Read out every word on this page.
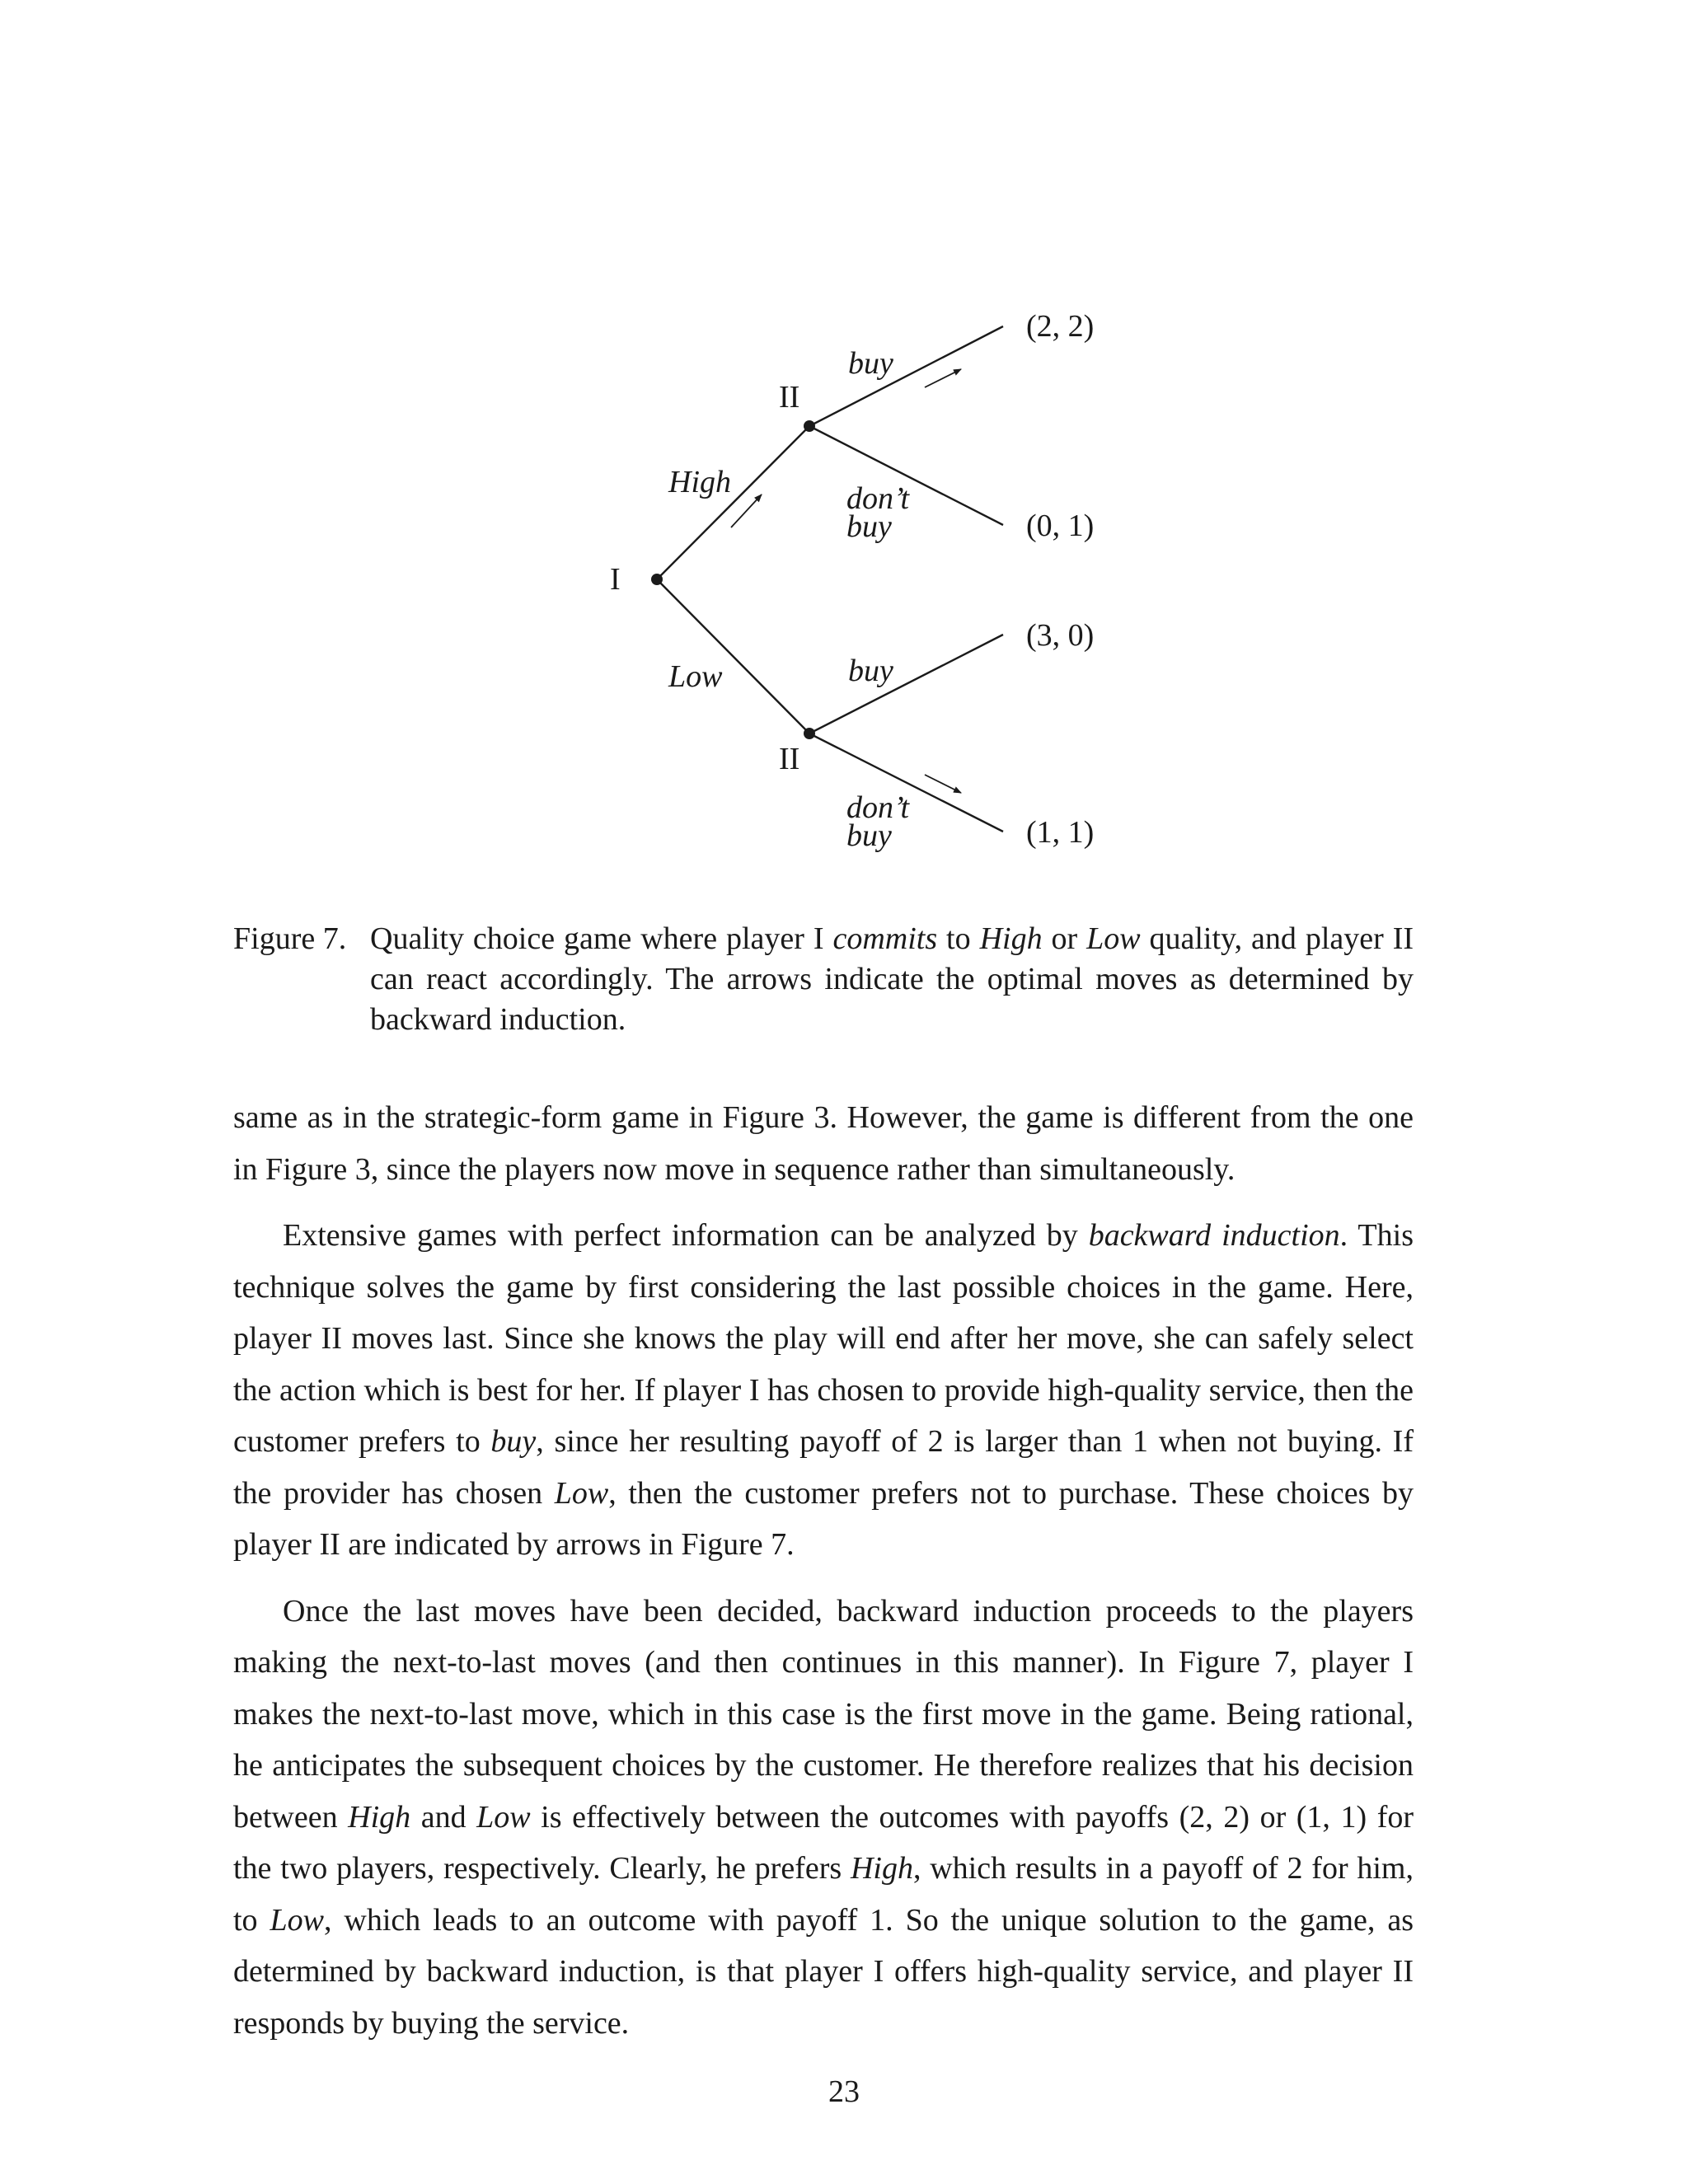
I
II
II
High
Low
buy
don’t
buy
buy
don’t
buy
(2, 2)
(0, 1)
(3, 0)
(1, 1)
Figure 7. Quality choice game where player I commits to High or Low quality, and player II can react accordingly. The arrows indicate the optimal moves as determined by backward induction.

same as in the strategic-form game in Figure 3. However, the game is different from the one in Figure 3, since the players now move in sequence rather than simultaneously.

Extensive games with perfect information can be analyzed by backward induction. This technique solves the game by first considering the last possible choices in the game. Here, player II moves last. Since she knows the play will end after her move, she can safely select the action which is best for her. If player I has chosen to provide high-quality service, then the customer prefers to buy, since her resulting payoff of 2 is larger than 1 when not buying. If the provider has chosen Low, then the customer prefers not to purchase. These choices by player II are indicated by arrows in Figure 7.

Once the last moves have been decided, backward induction proceeds to the players making the next-to-last moves (and then continues in this manner). In Figure 7, player I makes the next-to-last move, which in this case is the first move in the game. Being rational, he anticipates the subsequent choices by the customer. He therefore realizes that his decision between High and Low is effectively between the outcomes with payoffs (2, 2) or (1, 1) for the two players, respectively. Clearly, he prefers High, which results in a payoff of 2 for him, to Low, which leads to an outcome with payoff 1. So the unique solution to the game, as determined by backward induction, is that player I offers high-quality service, and player II responds by buying the service.

23
